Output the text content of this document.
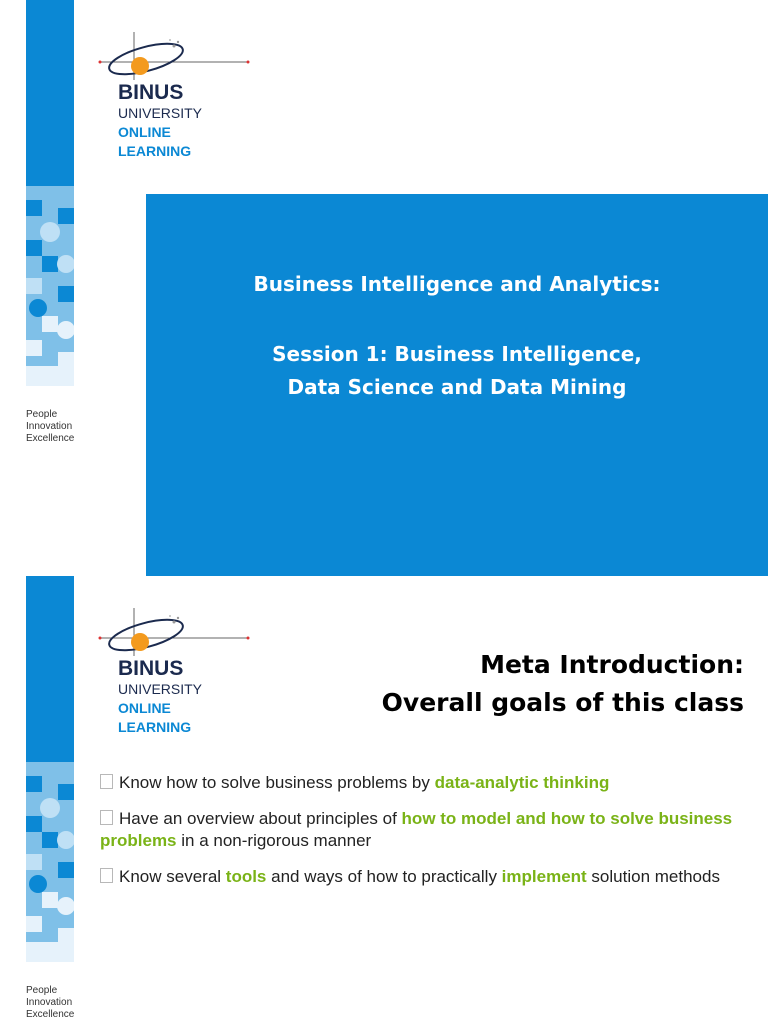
BINUS
UNIVERSITY
ONLINE
LEARNING
People
Innovation
Excellence
Business Intelligence and Analytics:
Session 1: Business Intelligence,
Data Science and Data Mining
BINUS
UNIVERSITY
ONLINE
LEARNING
Meta Introduction:
Overall goals of this class
Know how to solve business problems by data-analytic thinking
Have an overview about principles of how to model and how to solve business problems in a non-rigorous manner
Know several tools and ways of how to practically implement solution methods
People
Innovation
Excellence
